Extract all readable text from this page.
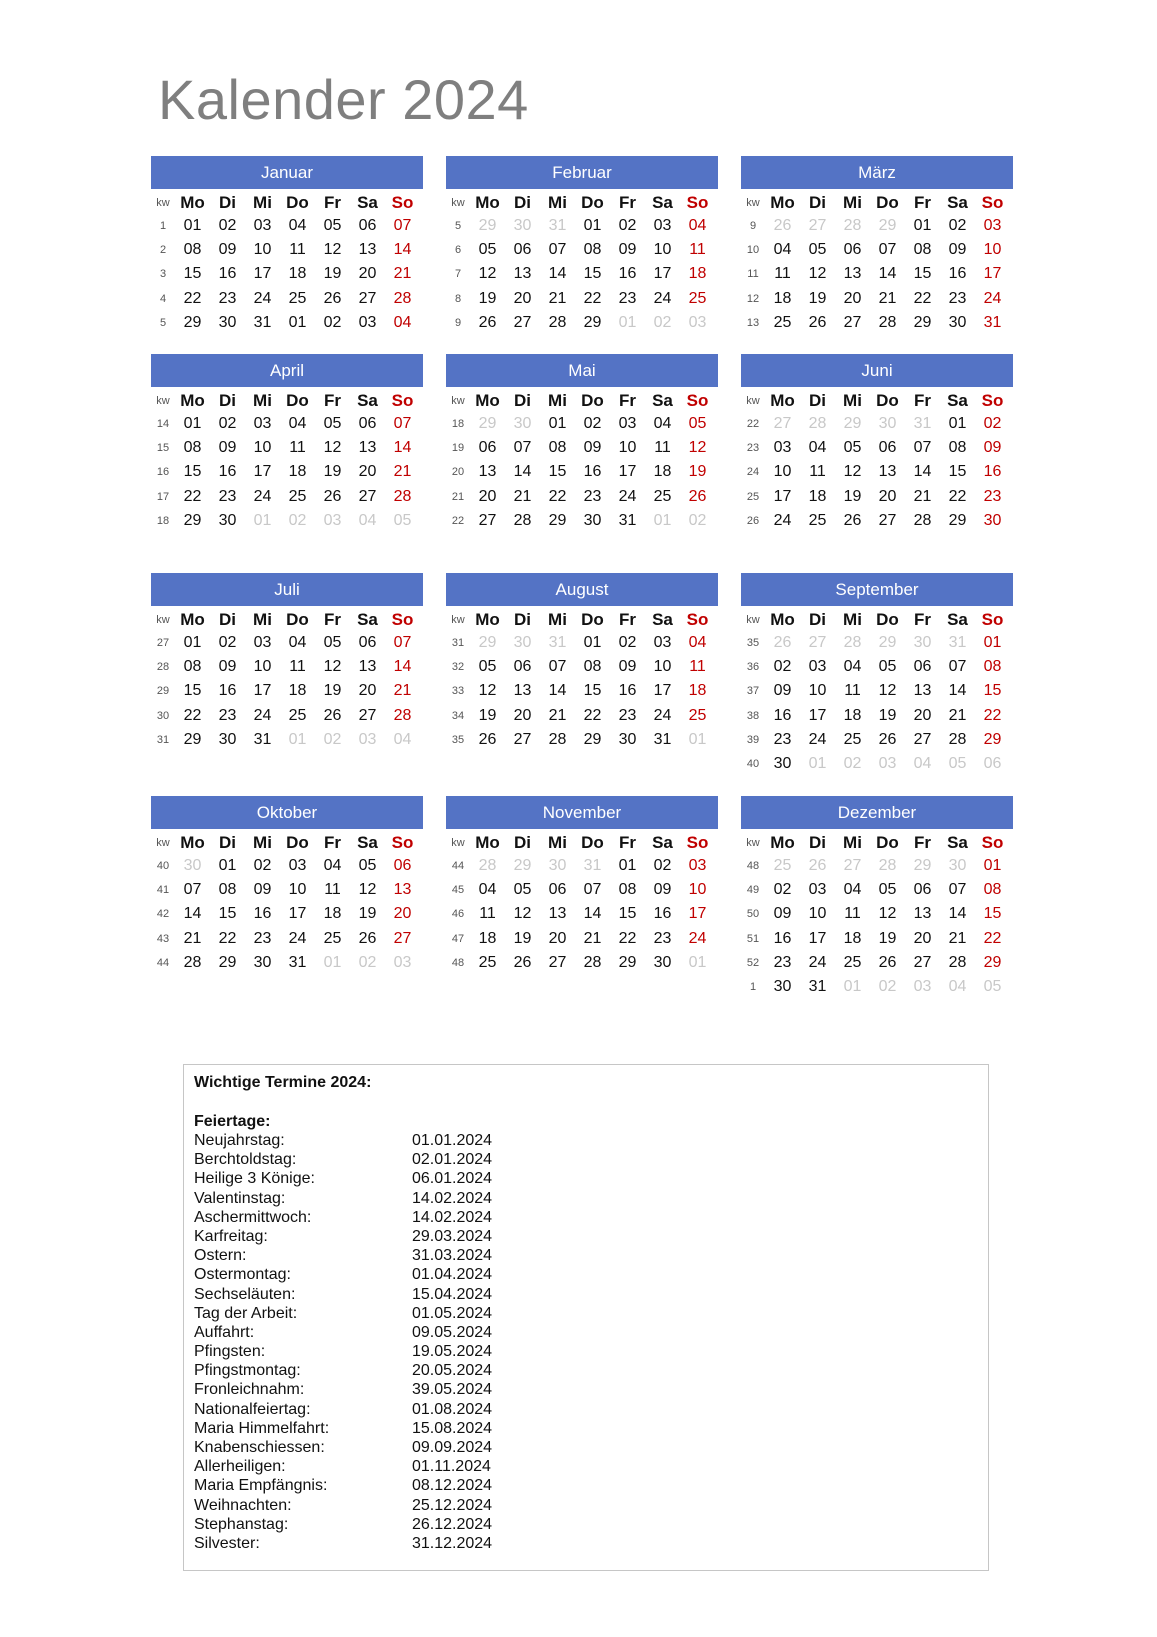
Kalender 2024
Januar
kw Mo Di	Mi Do Fr Sa So
1	01	02	03	04	05	06	07
2	08	09	10	11	12	13	14
3	15	16	17	18	19	20	21
4	22	23	24	25	26	27	28
5	29	30	31	01	02	03	04
Februar
kw Mo Di	Mi Do Fr Sa So
5	29	30	31	01	02	03	04
6	05	06	07	08	09	10	11
7	12	13	14	15	16	17	18
8	19	20	21	22	23	24	25
9	26	27	28	29	01	02	03
März
kw Mo Di	Mi Do Fr Sa So
9	26	27	28	29	01	02	03
10 04	05	06	07	08	09	10
11 11	12	13	14	15	16	17
12 18	19	20	21	22	23	24
13 25	26	27	28	29	30	31
April
kw Mo Di	Mi Do Fr Sa So
14 01	02	03	04	05	06	07
15 08	09	10	11	12	13	14
16 15	16	17	18	19	20	21
17 22	23	24	25	26	27	28
18 29	30	01	02	03	04	05
Mai
kw Mo Di	Mi Do Fr Sa So
18 29	30	01	02	03	04	05
19 06	07	08	09	10	11	12
20 13	14	15	16	17	18	19
21 20	21	22	23	24	25	26
22 27	28	29	30	31	01	02
Juni
kw Mo Di	Mi Do Fr Sa So
22 27	28	29	30	31	01	02
23 03	04	05	06	07	08	09
24 10	11	12	13	14	15	16
25 17	18	19	20	21	22	23
26 24	25	26	27	28	29	30
Juli
kw Mo Di	Mi Do Fr Sa So
27 01	02	03	04	05	06	07
28 08	09	10	11	12	13	14
29 15	16	17	18	19	20	21
30 22	23	24	25	26	27	28
31 29	30	31	01	02	03	04
August
kw Mo Di	Mi Do Fr Sa So
31 29	30	31	01	02	03	04
32 05	06	07	08	09	10	11
33 12	13	14	15	16	17	18
34 19	20	21	22	23	24	25
35 26	27	28	29	30	31	01
September
kw Mo Di	Mi Do Fr Sa So
35 26	27	28	29	30	31	01
36 02	03	04	05	06	07	08
37 09	10	11	12	13	14	15
38 16	17	18	19	20	21	22
39 23	24	25	26	27	28	29
40 30	01	02	03	04	05	06
Oktober
kw Mo Di	Mi Do Fr Sa So
40 30	01	02	03	04	05	06
41 07	08	09	10	11	12	13
42 14	15	16	17	18	19	20
43 21	22	23	24	25	26	27
44 28	29	30	31	01	02	03
November
kw Mo Di	Mi Do Fr Sa So
44 28	29	30	31	01	02	03
45 04	05	06	07	08	09	10
46 11	12	13	14	15	16	17
47 18	19	20	21	22	23	24
48 25	26	27	28	29	30	01
Dezember
kw Mo Di	Mi Do Fr Sa So
48 25	26	27	28	29	30	01
49 02	03	04	05	06	07	08
50 09	10	11	12	13	14	15
51 16	17	18	19	20	21	22
52 23	24	25	26	27	28	29
1	30	31	01	02	03	04	05
Wichtige Termine 2024:
Feiertage:
Neujahrstag:	01.01.2024
Berchtoldstag:	02.01.2024
Heilige 3 Könige:	06.01.2024
Valentinstag:	14.02.2024
Aschermittwoch:	14.02.2024
Karfreitag:	29.03.2024
Ostern:	31.03.2024
Ostermontag:	01.04.2024
Sechseläuten:	15.04.2024
Tag der Arbeit:	01.05.2024
Auffahrt:	09.05.2024
Pfingsten:	19.05.2024
Pfingstmontag:	20.05.2024
Fronleichnahm:	39.05.2024
Nationalfeiertag:	01.08.2024
Maria Himmelfahrt:	15.08.2024
Knabenschiessen:	09.09.2024
Allerheiligen:	01.11.2024
Maria Empfängnis:	08.12.2024
Weihnachten:	25.12.2024
Stephanstag:	26.12.2024
Silvester:	31.12.2024
